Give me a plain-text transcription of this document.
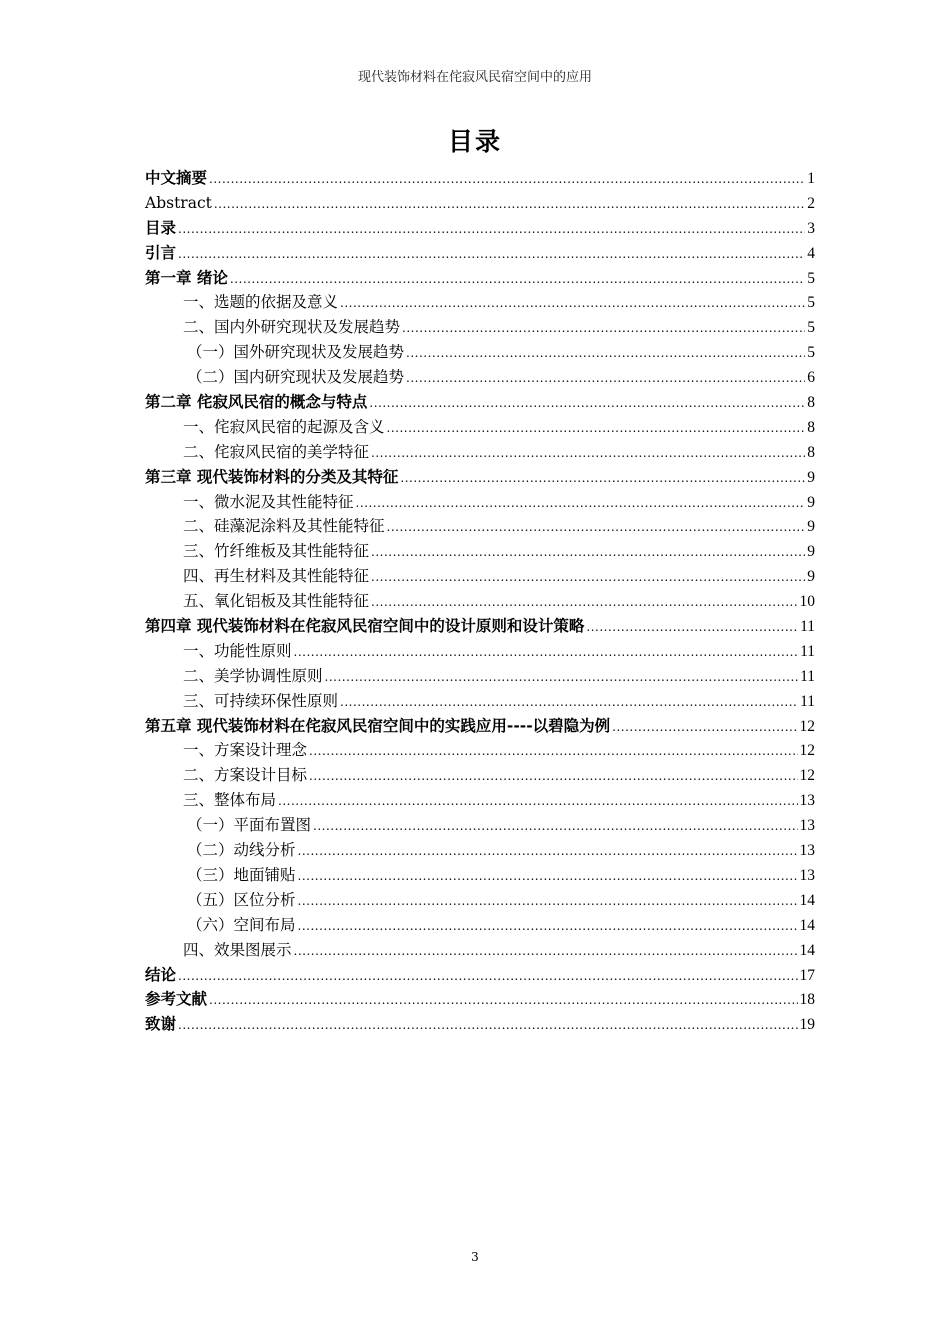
现代装饰材料在侘寂风民宿空间中的应用
目录
中文摘要 .....	1
Abstract .....	2
目录 .....	3
引言 .....	4
第一章 绪论 .....	5
一、选题的依据及意义 .....	5
二、国内外研究现状及发展趋势 .....	5
（一）国外研究现状及发展趋势 .....	5
（二）国内研究现状及发展趋势 .....	6
第二章 侘寂风民宿的概念与特点 .....	8
一、侘寂风民宿的起源及含义 .....	8
二、侘寂风民宿的美学特征 .....	8
第三章 现代装饰材料的分类及其特征 .....	9
一、微水泥及其性能特征 .....	9
二、硅藻泥涂料及其性能特征 .....	9
三、竹纤维板及其性能特征 .....	9
四、再生材料及其性能特征 .....	9
五、氧化铝板及其性能特征 .....	10
第四章 现代装饰材料在侘寂风民宿空间中的设计原则和设计策略 .....	11
一、功能性原则 .....	11
二、美学协调性原则 .....	11
三、可持续环保性原则 .....	11
第五章 现代装饰材料在侘寂风民宿空间中的实践应用----以碧隐为例 .....	12
一、方案设计理念 .....	12
二、方案设计目标 .....	12
三、整体布局 .....	13
（一）平面布置图 .....	13
（二）动线分析 .....	13
（三）地面铺贴 .....	13
（五）区位分析 .....	14
（六）空间布局 .....	14
四、效果图展示 .....	14
结论 .....	17
参考文献 .....	18
致谢 .....	19
3
